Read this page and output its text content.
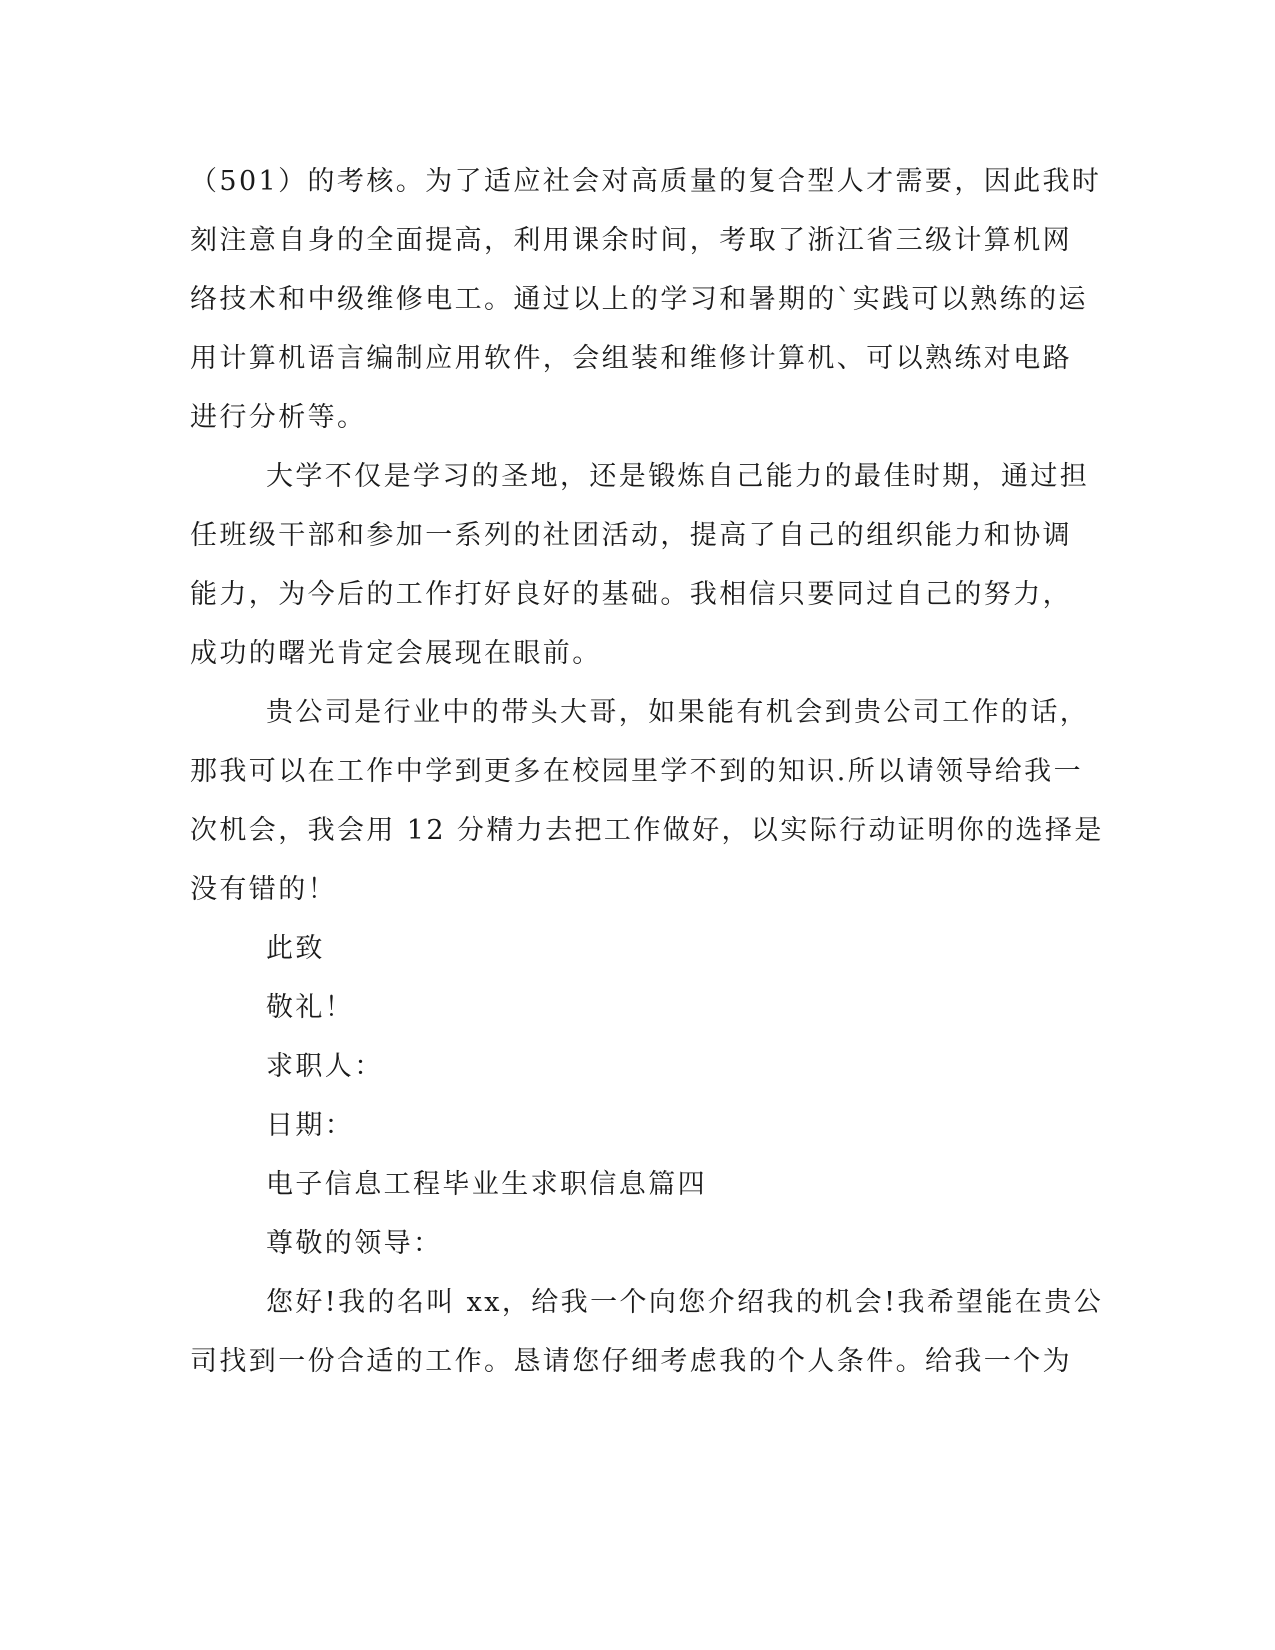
（501）的考核。为了适应社会对高质量的复合型人才需要，因此我时
刻注意自身的全面提高，利用课余时间，考取了浙江省三级计算机网
络技术和中级维修电工。通过以上的学习和暑期的`实践可以熟练的运
用计算机语言编制应用软件，会组装和维修计算机、可以熟练对电路
进行分析等。
大学不仅是学习的圣地，还是锻炼自己能力的最佳时期，通过担
任班级干部和参加一系列的社团活动，提高了自己的组织能力和协调
能力，为今后的工作打好良好的基础。我相信只要同过自己的努力，
成功的曙光肯定会展现在眼前。
贵公司是行业中的带头大哥，如果能有机会到贵公司工作的话，
那我可以在工作中学到更多在校园里学不到的知识.所以请领导给我一
次机会，我会用 12 分精力去把工作做好，以实际行动证明你的选择是
没有错的！
此致
敬礼！
求职人：
日期：
电子信息工程毕业生求职信息篇四
尊敬的领导：
您好!我的名叫 xx，给我一个向您介绍我的机会!我希望能在贵公
司找到一份合适的工作。恳请您仔细考虑我的个人条件。给我一个为
